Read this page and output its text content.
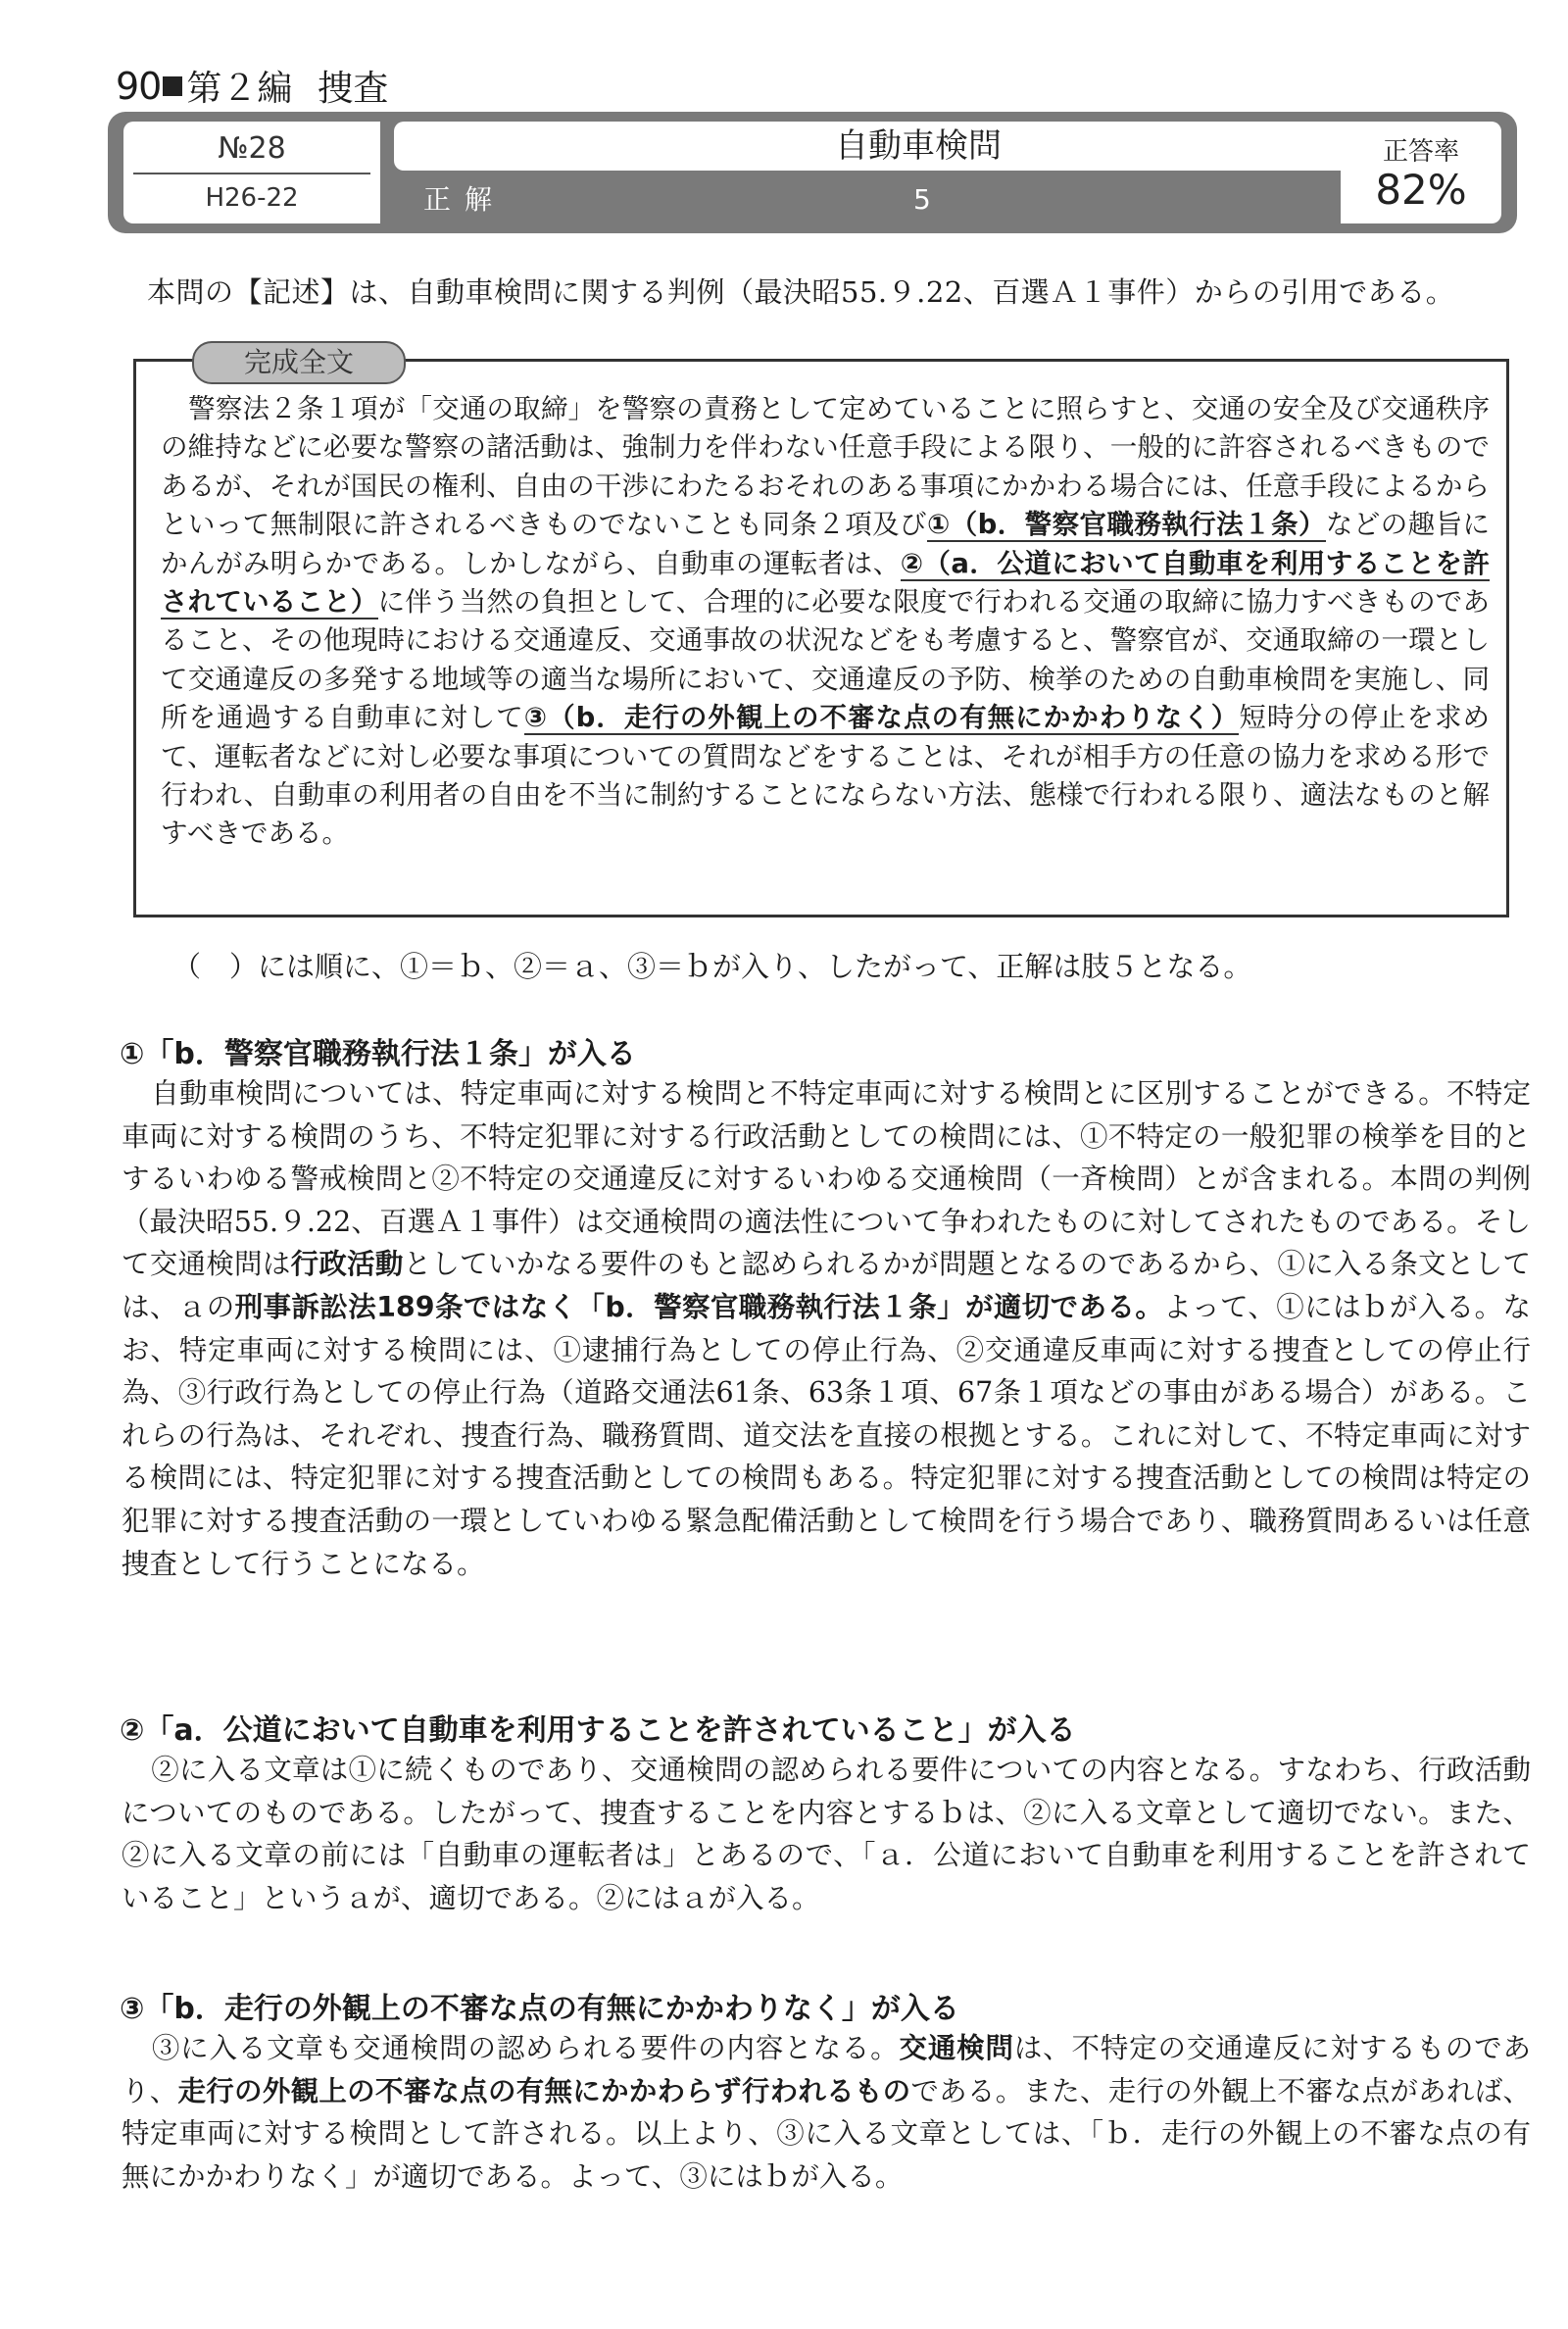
90 第２編 捜査
№28
H26-22
自動車検問
正解	5
正答率
82%
本問の【記述】は、自動車検問に関する判例（最決昭55.９.22、百選Ａ１事件）からの引用である。
完成全文
警察法２条１項が「交通の取締」を警察の責務として定めていることに照らすと、交通の安全及び交通秩序の維持などに必要な警察の諸活動は、強制力を伴わない任意手段による限り、一般的に許容されるべきものであるが、それが国民の権利、自由の干渉にわたるおそれのある事項にかかわる場合には、任意手段によるからといって無制限に許されるべきものでないことも同条２項及び①（b．警察官職務執行法１条）などの趣旨にかんがみ明らかである。しかしながら、自動車の運転者は、②（a．公道において自動車を利用することを許されていること）に伴う当然の負担として、合理的に必要な限度で行われる交通の取締に協力すべきものであること、その他現時における交通違反、交通事故の状況などをも考慮すると、警察官が、交通取締の一環として交通違反の多発する地域等の適当な場所において、交通違反の予防、検挙のための自動車検問を実施し、同所を通過する自動車に対して③（b．走行の外観上の不審な点の有無にかかわりなく）短時分の停止を求めて、運転者などに対し必要な事項についての質問などをすることは、それが相手方の任意の協力を求める形で行われ、自動車の利用者の自由を不当に制約することにならない方法、態様で行われる限り、適法なものと解すべきである。
（　）には順に、①＝ｂ、②＝ａ、③＝ｂが入り、したがって、正解は肢５となる。
①「b．警察官職務執行法１条」が入る

自動車検問については、特定車両に対する検問と不特定車両に対する検問とに区別することができる。不特定車両に対する検問のうち、不特定犯罪に対する行政活動としての検問には、①不特定の一般犯罪の検挙を目的とするいわゆる警戒検問と②不特定の交通違反に対するいわゆる交通検問（一斉検問）とが含まれる。本問の判例（最決昭55.９.22、百選Ａ１事件）は交通検問の適法性について争われたものに対してされたものである。そして交通検問は行政活動としていかなる要件のもと認められるかが問題となるのであるから、①に入る条文としては、ａの刑事訴訟法189条ではなく「b．警察官職務執行法１条」が適切である。よって、①にはｂが入る。なお、特定車両に対する検問には、①逮捕行為としての停止行為、②交通違反車両に対する捜査としての停止行為、③行政行為としての停止行為（道路交通法61条、63条１項、67条１項などの事由がある場合）がある。これらの行為は、それぞれ、捜査行為、職務質問、道交法を直接の根拠とする。これに対して、不特定車両に対する検問には、特定犯罪に対する捜査活動としての検問もある。特定犯罪に対する捜査活動としての検問は特定の犯罪に対する捜査活動の一環としていわゆる緊急配備活動として検問を行う場合であり、職務質問あるいは任意捜査として行うことになる。

②「a．公道において自動車を利用することを許されていること」が入る

②に入る文章は①に続くものであり、交通検問の認められる要件についての内容となる。すなわち、行政活動についてのものである。したがって、捜査することを内容とするｂは、②に入る文章として適切でない。また、②に入る文章の前には「自動車の運転者は」とあるので、「ａ．公道において自動車を利用することを許されていること」というａが、適切である。②にはａが入る。

③「b．走行の外観上の不審な点の有無にかかわりなく」が入る

③に入る文章も交通検問の認められる要件の内容となる。交通検問は、不特定の交通違反に対するものであり、走行の外観上の不審な点の有無にかかわらず行われるものである。また、走行の外観上不審な点があれば、特定車両に対する検問として許される。以上より、③に入る文章としては、「ｂ．走行の外観上の不審な点の有無にかかわりなく」が適切である。よって、③にはｂが入る。
